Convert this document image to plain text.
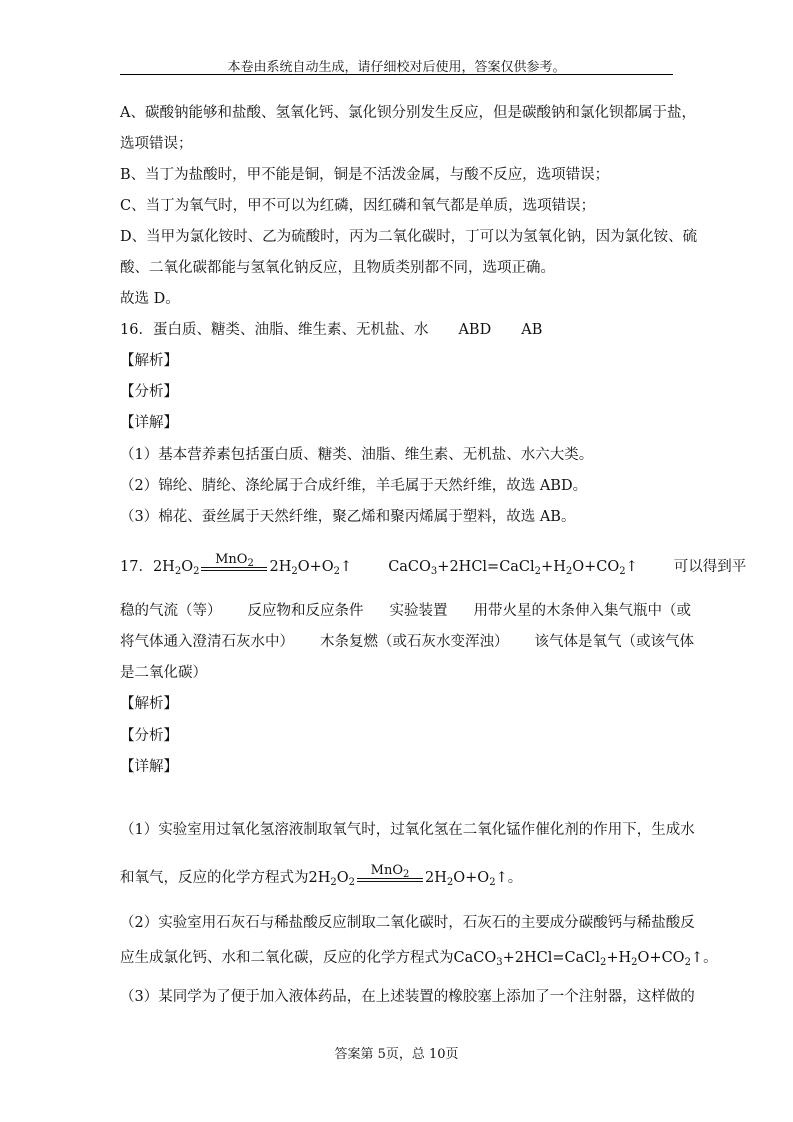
本卷由系统自动生成，请仔细校对后使用，答案仅供参考。
A、碳酸钠能够和盐酸、氢氧化钙、氯化钡分别发生反应，但是碳酸钠和氯化钡都属于盐，
选项错误；
B、当丁为盐酸时，甲不能是铜，铜是不活泼金属，与酸不反应，选项错误；
C、当丁为氧气时，甲不可以为红磷，因红磷和氧气都是单质，选项错误；
D、当甲为氯化铵时、乙为硫酸时，丙为二氧化碳时，丁可以为氢氧化钠，因为氯化铵、硫
酸、二氧化碳都能与氢氧化钠反应，且物质类别都不同，选项正确。
故选 D。
16．蛋白质、糖类、油脂、维生素、无机盐、水 ABD AB
【解析】
【分析】
【详解】
（1）基本营养素包括蛋白质、糖类、油脂、维生素、无机盐、水六大类。
（2）锦纶、腈纶、涤纶属于合成纤维，羊毛属于天然纤维，故选 ABD。
（3）棉花、蚕丝属于天然纤维，聚乙烯和聚丙烯属于塑料，故选 AB。
17．$2H_2O_2$
MnO$_2$	$2H_2O+O_2↑$ $CaCO_3+2HCl=CaCl_2+H_2O+CO_2↑$ 可以得到平
稳的气流（等） 反应物和反应条件 实验装置 用带火星的木条伸入集气瓶中（或
将气体通入澄清石灰水中） 木条复燃（或石灰水变浑浊） 该气体是氧气（或该气体
是二氧化碳）
【解析】
【分析】
【详解】
（1）实验室用过氧化氢溶液制取氧气时，过氧化氢在二氧化锰作催化剂的作用下，生成水
和氧气，反应的化学方程式为$2H_2O_2$
MnO$_2$	$2H_2O+O_2↑$。
（2）实验室用石灰石与稀盐酸反应制取二氧化碳时，石灰石的主要成分碳酸钙与稀盐酸反
应生成氯化钙、水和二氧化碳，反应的化学方程式为$CaCO_3+2HCl=CaCl_2+H_2O+CO_2↑$。
（3）某同学为了便于加入液体药品，在上述装置的橡胶塞上添加了一个注射器，这样做的
答案第 5页，总 10页
